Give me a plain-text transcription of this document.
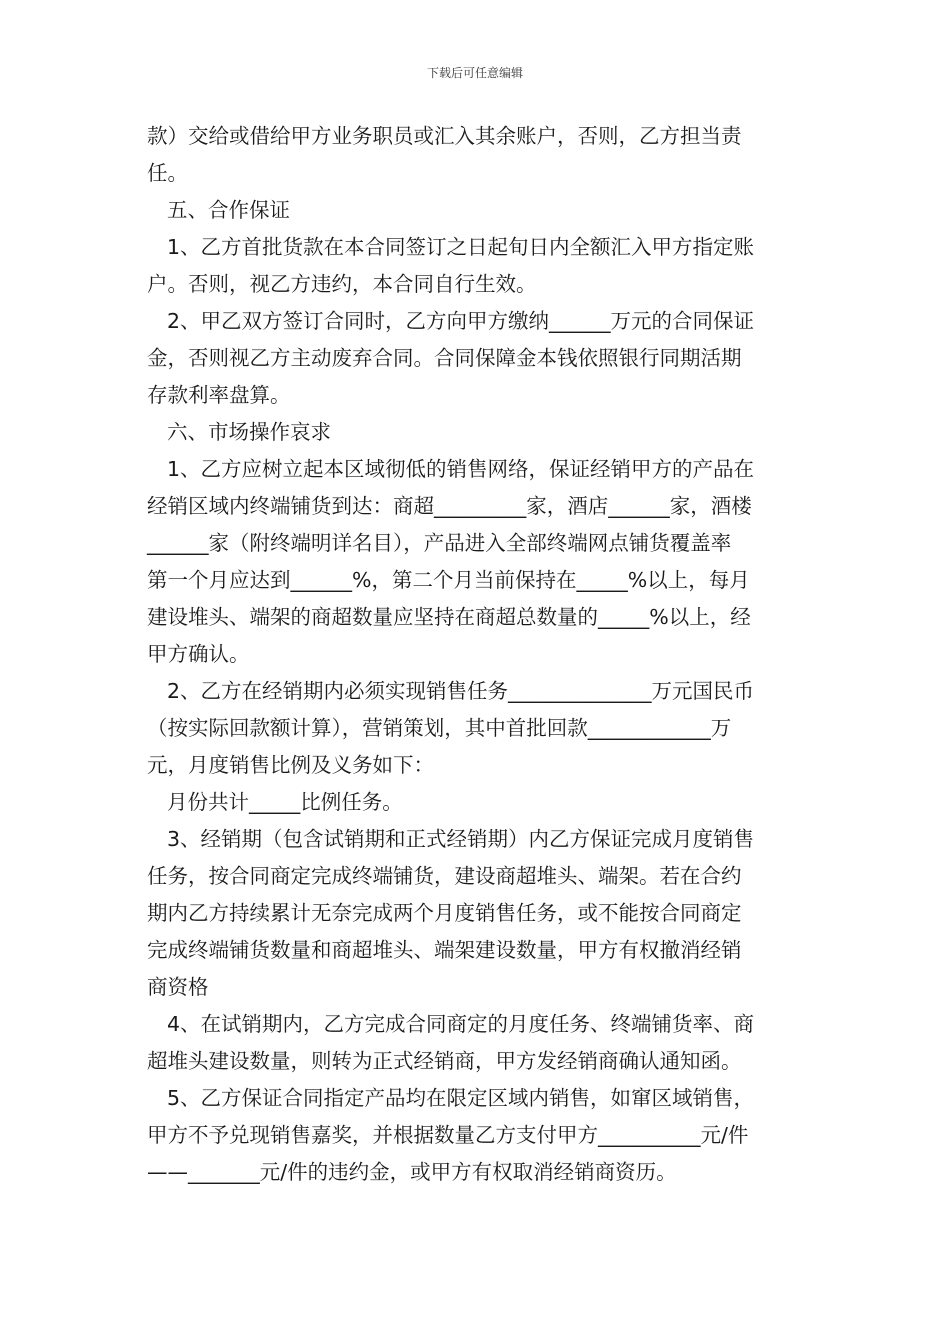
下载后可任意编辑
款）交给或借给甲方业务职员或汇入其余账户，否则，乙方担当责
任。
五、合作保证
1、乙方首批货款在本合同签订之日起旬日内全额汇入甲方指定账
户。否则，视乙方违约，本合同自行生效。
2、甲乙双方签订合同时，乙方向甲方缴纳______万元的合同保证
金，否则视乙方主动废弃合同。合同保障金本钱依照银行同期活期
存款利率盘算。
六、市场操作哀求
1、乙方应树立起本区域彻低的销售网络，保证经销甲方的产品在
经销区域内终端铺货到达：商超_________家，酒店______家，酒楼
______家（附终端明详名目），产品进入全部终端网点铺货覆盖率
第一个月应达到______%，第二个月当前保持在_____%以上，每月
建设堆头、端架的商超数量应坚持在商超总数量的_____%以上，经
甲方确认。
2、乙方在经销期内必须实现销售任务______________万元国民币
（按实际回款额计算），营销策划，其中首批回款____________万
元，月度销售比例及义务如下：
月份共计_____比例任务。
3、经销期（包含试销期和正式经销期）内乙方保证完成月度销售
任务，按合同商定完成终端铺货，建设商超堆头、端架。若在合约
期内乙方持续累计无奈完成两个月度销售任务，或不能按合同商定
完成终端铺货数量和商超堆头、端架建设数量，甲方有权撤消经销
商资格
4、在试销期内，乙方完成合同商定的月度任务、终端铺货率、商
超堆头建设数量，则转为正式经销商，甲方发经销商确认通知函。
5、乙方保证合同指定产品均在限定区域内销售，如窜区域销售，
甲方不予兑现销售嘉奖，并根据数量乙方支付甲方__________元/件
——_______元/件的违约金，或甲方有权取消经销商资历。
